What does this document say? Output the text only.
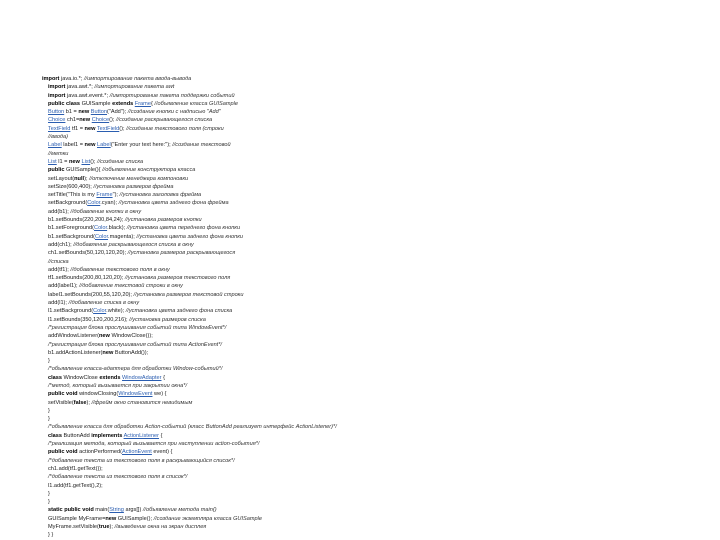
import java.io.*; //импортирование пакета ввода-вывода
import java.awt.*; //импортирование пакета awt
import java.awt.event.*; //импортирование пакета поддержки событий
public class GUISample extends Frame{ //объявление класса GUISample
Button b1 = new Button("Add"); //создание кнопки с надписью "Add"
Choice ch1=new Choice(); //создание раскрывающегося списка
TextField tf1 = new TextField(); //создание текстового поля (строки
//ввода)
Label label1 = new Label("Enter your text here:"); //создание текстовой
//метки
List l1 = new List(); //создание списка
public GUISample(){ //объявление конструктора класса
setLayout(null); //отключение менеджера компоновки
setSize(600,400); //установка размеров фрейма
setTitle("This is my Frame"); //установка заголовка фрейма
setBackground(Color.cyan); //установка цвета заднего фона фрейма
add(b1); //добавление кнопки в окну
b1.setBounds(220,200,84,24); //установка размеров кнопки
b1.setForeground(Color.black); //установка цвета переднего фона кнопки
b1.setBackground(Color.magenta); //установка цвета заднего фона кнопки
add(ch1); //добавление раскрывающегося списка в окну
ch1.setBounds(50,120,120,20); //установка размеров раскрывающегося
//списка
add(tf1); //добавление текстового поля в окну
tf1.setBounds(200,80,120,20); //установка размеров текстового поля
add(label1); //добавление текстовой строки в окну
label1.setBounds(200,55,120,20); //установка размеров текстовой строки
add(l1); //добавление списка в окну
l1.setBackground(Color.white); //установка цвета заднего фона списка
l1.setBounds(350,120,200,216); //установка размеров списка
/*регистрация блока прослушивания событий типа WindowEvent*/
addWindowListener(new WindowClose());
/*регистрация блока прослушивания событий типа ActionEvent*/
b1.addActionListener(new ButtonAdd());
}
/*объявление класса-адаптера для обработки Window-событий*/
class WindowClose extends WindowAdapter {
/*метод, который вызывается при закрытии окна*/
public void windowClosing(WindowEvent we) {
setVisible(false); //фрейм окно становится невидимым
}
}
/*объявление класса для обработки Action-событий (класс ButtonAdd реализует интерфейс ActionListener)*/
class ButtonAdd implements ActionListener {
/*реализация метода, который вызывается при наступлении action-события*/
public void actionPerformed(ActionEvent event) {
/*добавление текста из текстового поля в раскрывающийся список*/
ch1.add(tf1.getText());
/*добавление текста из текстового поля в список*/
l1.add(tf1.getText(),2);
}
}
static public void main(String args[]) //объявление метода main()
GUISample MyFrame=new GUISample(); //создание экземпляра класса GUISample
MyFrame.setVisible(true); //выведение окна на экран дисплея
} }
